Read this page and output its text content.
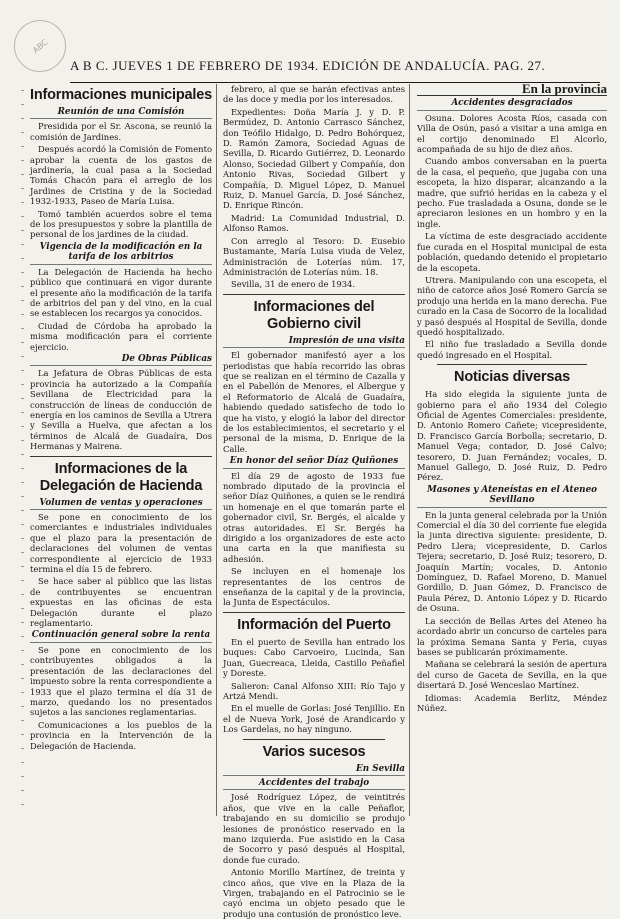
ABC
A B C. JUEVES 1 DE FEBRERO DE 1934. EDICIÓN DE ANDALUCÍA. PAG. 27.
Informaciones municipales
Reunión de una Comisión

Presidida por el Sr. Ascona, se reunió la comisión de Jardines.

Después acordó la Comisión de Fomento aprobar la cuenta de los gastos de jardinería, la cual pasa a la Sociedad Tomás Chacón para el arreglo de los Jardines de Cristina y de la Sociedad 1932-1933, Paseo de María Luisa.

Tomó también acuerdos sobre el tema de los presupuestos y sobre la plantilla de personal de los jardines de la ciudad.

Vigencia de la modificación en la tarifa de los arbitrios

La Delegación de Hacienda ha hecho público que continuará en vigor durante el presente año la modificación de la tarifa de arbitrios del pan y del vino, en la cual se establecen los recargos ya conocidos.

Ciudad de Córdoba ha aprobado la misma modificación para el corriente ejercicio.

De Obras Públicas

La Jefatura de Obras Públicas de esta provincia ha autorizado a la Compañía Sevillana de Electricidad para la construcción de líneas de conducción de energía en los caminos de Sevilla a Utrera y Sevilla a Huelva, que afectan a los términos de Alcalá de Guadaíra, Dos Hermanas y Mairena.

Informaciones de la Delegación de Hacienda
Volumen de ventas y operaciones

Se pone en conocimiento de los comerciantes e industriales individuales que el plazo para la presentación de declaraciones del volumen de ventas correspondiente al ejercicio de 1933 termina el día 15 de febrero.

Se hace saber al público que las listas de contribuyentes se encuentran expuestas en las oficinas de esta Delegación durante el plazo reglamentario.

Continuación general sobre la renta

Se pone en conocimiento de los contribuyentes obligados a la presentación de las declaraciones del impuesto sobre la renta correspondiente a 1933 que el plazo termina el día 31 de marzo, quedando los no presentados sujetos a las sanciones reglamentarias.

Comunicaciones a los pueblos de la provincia en la Intervención de la Delegación de Hacienda.

febrero, al que se harán efectivas antes de las doce y media por los interesados.

Expedientes: Doña María J. y D. P. Bermúdez, D. Antonio Carrasco Sánchez, don Teófilo Hidalgo, D. Pedro Bohórquez, D. Ramón Zamora, Sociedad Aguas de Sevilla, D. Ricardo Gutiérrez, D. Leonardo Alonso, Sociedad Gilbert y Compañía, don Antonio Rivas, Sociedad Gilbert y Compañía, D. Miguel López, D. Manuel Ruiz, D. Manuel García, D. José Sánchez, D. Enrique Rincón.

Madrid: La Comunidad Industrial, D. Alfonso Ramos.

Con arreglo al Tesoro: D. Eusebio Bustamante, María Luisa viuda de Velez, Administración de Loterías núm. 17, Administración de Loterías núm. 18.

Sevilla, 31 de enero de 1934.

Informaciones del Gobierno civil
Impresión de una visita

El gobernador manifestó ayer a los periodistas que había recorrido las obras que se realizan en el término de Cazalla y en el Pabellón de Menores, el Albergue y el Reformatorio de Alcalá de Guadaíra, habiendo quedado satisfecho de todo lo que ha visto, y elogió la labor del director de los establecimientos, el secretario y el personal de la misma, D. Enrique de la Calle.

En honor del señor Díaz Quiñones

El día 29 de agosto de 1933 fue nombrado diputado de la provincia el señor Díaz Quiñones, a quien se le rendirá un homenaje en el que tomarán parte el gobernador civil, Sr. Bergés, el alcalde y otras autoridades. El Sr. Bergés ha dirigido a los organizadores de este acto una carta en la que manifiesta su adhesión.

Se incluyen en el homenaje los representantes de los centros de enseñanza de la capital y de la provincia, la Junta de Espectáculos.

Información del Puerto

En el puerto de Sevilla han entrado los buques: Cabo Carvoeiro, Lucinda, San Juan, Guecreaca, Lleida, Castillo Peñafiel y Doreste.

Salieron: Canal Alfonso XIII: Río Tajo y Artzá Mendi.

En el muelle de Gorlas: José Tenjillio. En el de Nueva York, José de Arandicardo y Los Gardelas, no hay ninguno.

Varios sucesos
En Sevilla
Accidentes del trabajo

José Rodríguez López, de veintitrés años, que vive en la calle Peñaflor, trabajando en su domicilio se produjo lesiones de pronóstico reservado en la mano izquierda. Fue asistido en la Casa de Socorro y pasó después al Hospital, donde fue curado.

Antonio Morillo Martínez, de treinta y cinco años, que vive en la Plaza de la Virgen, trabajando en el Patrocinio se le cayó encima un objeto pesado que le produjo una contusión de pronóstico leve.

En la provincia
Accidentes desgraciados

Osuna. Dolores Acosta Ríos, casada con Villa de Osún, pasó a visitar a una amiga en el cortijo denominado El Alcorlo, acompañada de su hijo de diez años.

Cuando ambos conversaban en la puerta de la casa, el pequeño, que jugaba con una escopeta, la hizo disparar, alcanzando a la madre, que sufrió heridas en la cabeza y el pecho. Fue trasladada a Osuna, donde se le apreciaron lesiones en un hombro y en la ingle.

La víctima de este desgraciado accidente fue curada en el Hospital municipal de esta población, quedando detenido el propietario de la escopeta.

Utrera. Manipulando con una escopeta, el niño de catorce años José Romero García se produjo una herida en la mano derecha. Fue curado en la Casa de Socorro de la localidad y pasó después al Hospital de Sevilla, donde quedó hospitalizado.

El niño fue trasladado a Sevilla donde quedó ingresado en el Hospital.

Noticias diversas

Ha sido elegida la siguiente junta de gobierno para el año 1934 del Colegio Oficial de Agentes Comerciales: presidente, D. Antonio Romero Cañete; vicepresidente, D. Francisco García Borbolla; secretario, D. Manuel Vega; contador, D. José Calvo; tesorero, D. Juan Fernández; vocales, D. Manuel Gallego, D. José Ruiz, D. Pedro Pérez.

Masones y Ateneístas en el Ateneo Sevillano

En la junta general celebrada por la Unión Comercial el día 30 del corriente fue elegida la junta directiva siguiente: presidente, D. Pedro Llera; vicepresidente, D. Carlos Tejera; secretario, D. José Ruiz; tesorero, D. Joaquín Martín; vocales, D. Antonio Domínguez, D. Rafael Moreno, D. Manuel Gordillo, D. Juan Gómez, D. Francisco de Paula Pérez, D. Antonio López y D. Ricardo de Osuna.

La sección de Bellas Artes del Ateneo ha acordado abrir un concurso de carteles para la próxima Semana Santa y Feria, cuyas bases se publicarán próximamente.

Mañana se celebrará la sesión de apertura del curso de Gaceta de Sevilla, en la que disertará D. José Wenceslao Martínez.

Idiomas: Academia Berlitz, Méndez Núñez.
